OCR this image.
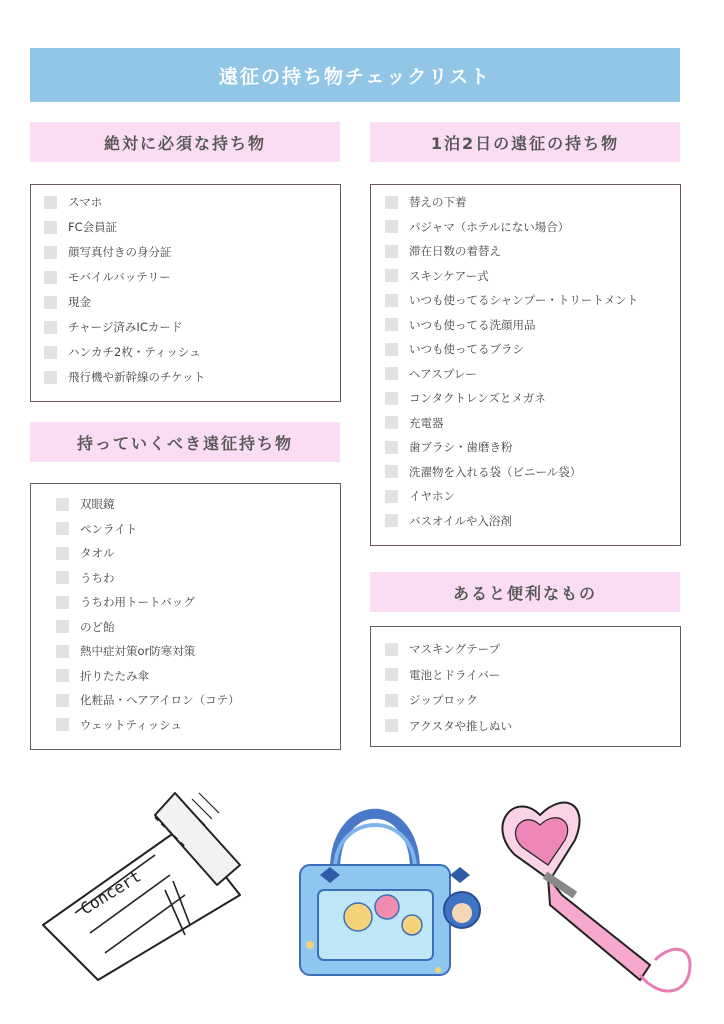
遠征の持ち物チェックリスト
絶対に必須な持ち物
スマホ
FC会員証
顔写真付きの身分証
モバイルバッテリー
現金
チャージ済みICカード
ハンカチ2枚・ティッシュ
飛行機や新幹線のチケット
持っていくべき遠征持ち物
双眼鏡
ペンライト
タオル
うちわ
うちわ用トートバッグ
のど飴
熱中症対策or防寒対策
折りたたみ傘
化粧品・ヘアアイロン（コテ）
ウェットティッシュ
1泊2日の遠征の持ち物
替えの下着
パジャマ（ホテルにない場合）
滞在日数の着替え
スキンケアー式
いつも使ってるシャンプー・トリートメント
いつも使ってる洗顔用品
いつも使ってるブラシ
ヘアスプレー
コンタクトレンズとメガネ
充電器
歯ブラシ・歯磨き粉
洗濯物を入れる袋（ビニール袋）
イヤホン
バスオイルや入浴剤
あると便利なもの
マスキングテープ
電池とドライバー
ジップロック
アクスタや推しぬい
Concert
